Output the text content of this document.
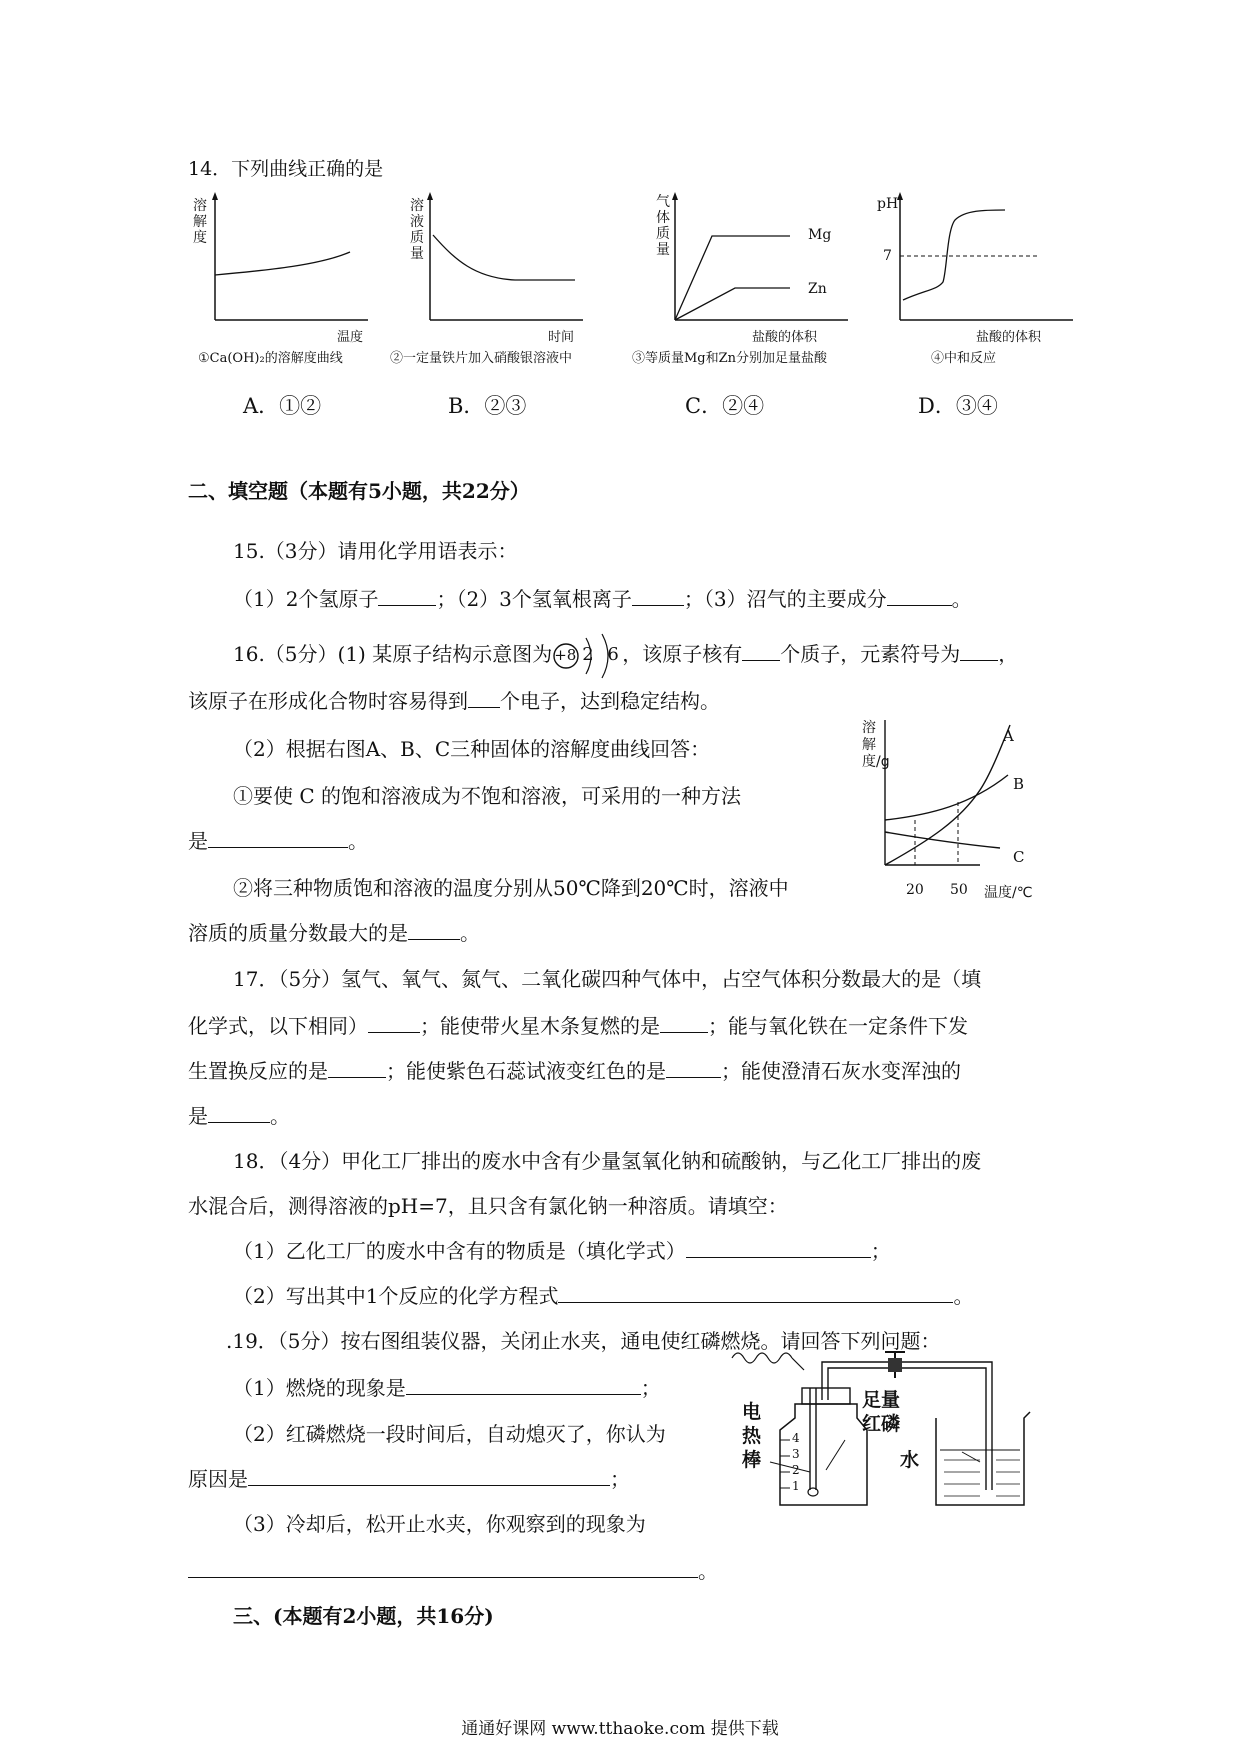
14．下列曲线正确的是
溶解度
温度
①Ca(OH)₂的溶解度曲线
溶液质量
时间
②一定量铁片加入硝酸银溶液中
气体质量
Mg
Zn
盐酸的体积
③等质量Mg和Zn分别加足量盐酸
pH
7
盐酸的体积
④中和反应
A．①②	B．②③	C．②④	D．③④
二、填空题（本题有5小题，共22分）
15.（3分）请用化学用语表示：
（1）2个氢原子	；（2）3个氢氧根离子	；（3）沼气的主要成分	。
16.（5分）(1) 某原子结构示意图为 +8 2 6 ，该原子核有 个质子，元素符号为 ，
该原子在形成化合物时容易得到 个电子，达到稳定结构。
（2）根据右图A、B、C三种固体的溶解度曲线回答：
①要使 C 的饱和溶液成为不饱和溶液，可采用的一种方法
是	。
②将三种物质饱和溶液的温度分别从50℃降到20℃时，溶液中
溶质的质量分数最大的是	。
溶解度/g
A
B
C
20 50 温度/℃
17．（5分）氢气、氧气、氮气、二氧化碳四种气体中，占空气体积分数最大的是（填
化学式，以下相同）	；能使带火星木条复燃的是 ；能与氧化铁在一定条件下发
生置换反应的是	；能使紫色石蕊试液变红色的是	；能使澄清石灰水变浑浊的
是	。
18．（4分）甲化工厂排出的废水中含有少量氢氧化钠和硫酸钠，与乙化工厂排出的废
水混合后，测得溶液的pH=7，且只含有氯化钠一种溶质。请填空：
（1）乙化工厂的废水中含有的物质是（填化学式）	；
（2）写出其中1个反应的化学方程式	。
.19．（5分）按右图组装仪器，关闭止水夹，通电使红磷燃烧。请回答下列问题：
（1）燃烧的现象是	；
（2）红磷燃烧一段时间后，自动熄灭了，你认为
原因是	；
（3）冷却后，松开止水夹，你观察到的现象为
。
电热棒
足量红磷
水
4
3
2
1
三、(本题有2小题，共16分)
通通好课网 www.tthaoke.com 提供下载
